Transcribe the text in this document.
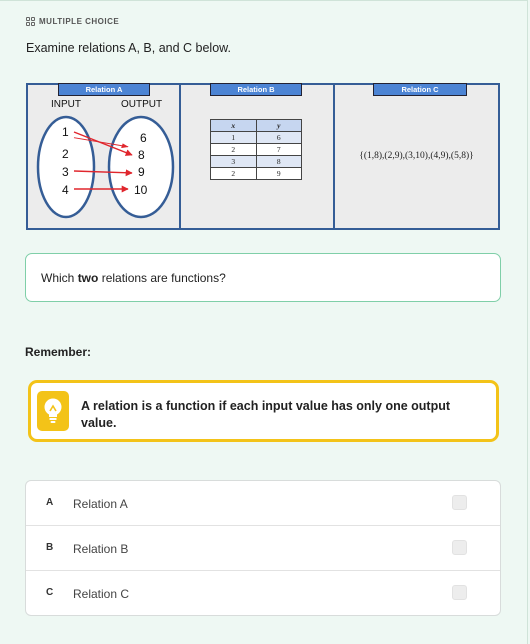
MULTIPLE CHOICE
Examine relations A, B, and C below.
Relation A
INPUT	OUTPUT
1
2
3
4
6
8
9
10
Relation B
x	y
1	6
2	7
3	8
2	9
Relation C
{(1,8),(2,9),(3,10),(4,9),(5,8)}
Which two relations are functions?
Remember:
A relation is a function if each input value has only one output value.
A Relation A
B Relation B
C Relation C
